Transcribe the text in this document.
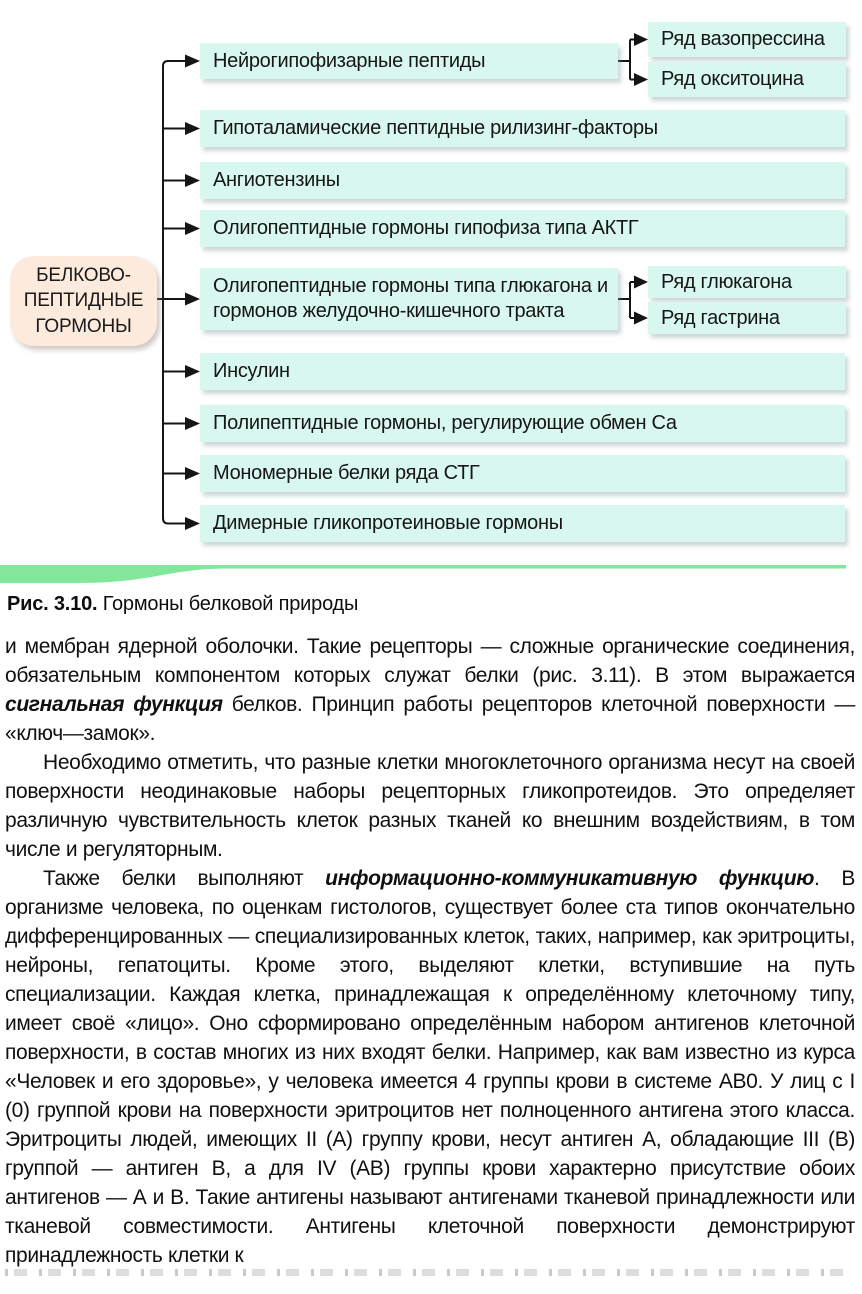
БЕЛКОВО-ПЕПТИДНЫЕ ГОРМОНЫ
Нейрогипофизарные пептиды
Ряд вазопрессина
Ряд окситоцина
Гипоталамические пептидные рилизинг-факторы
Ангиотензины
Олигопептидные гормоны гипофиза типа АКТГ
Олигопептидные гормоны типа глюкагона и гормонов желудочно-кишечного тракта
Ряд глюкагона
Ряд гастрина
Инсулин
Полипептидные гормоны, регулирующие обмен Са
Мономерные белки ряда СТГ
Димерные гликопротеиновые гормоны

Рис. 3.10. Гормоны белковой природы

и мембран ядерной оболочки. Такие рецепторы — сложные органические соединения, обязательным компонентом которых служат белки (рис. 3.11). В этом выражается сигнальная функция белков. Принцип работы рецепторов клеточной поверхности — «ключ—замок».

Необходимо отметить, что разные клетки многоклеточного организма несут на своей поверхности неодинаковые наборы рецепторных гликопротеидов. Это определяет различную чувствительность клеток разных тканей ко внешним воздействиям, в том числе и регуляторным.

Также белки выполняют информационно-коммуникативную функцию. В организме человека, по оценкам гистологов, существует более ста типов окончательно дифференцированных — специализированных клеток, таких, например, как эритроциты, нейроны, гепатоциты. Кроме этого, выделяют клетки, вступившие на путь специализации. Каждая клетка, принадлежащая к определённому клеточному типу, имеет своё «лицо». Оно сформировано определённым набором антигенов клеточной поверхности, в состав многих из них входят белки. Например, как вам известно из курса «Человек и его здоровье», у человека имеется 4 группы крови в системе АВ0. У лиц с I (0) группой крови на поверхности эритроцитов нет полноценного антигена этого класса. Эритроциты людей, имеющих II (А) группу крови, несут антиген А, обладающие III (В) группой — антиген В, а для IV (АВ) группы крови характерно присутствие обоих антигенов — А и В. Такие антигены называют антигенами тканевой принадлежности или тканевой совместимости. Антигены клеточной поверхности демонстрируют принадлежность клетки к
